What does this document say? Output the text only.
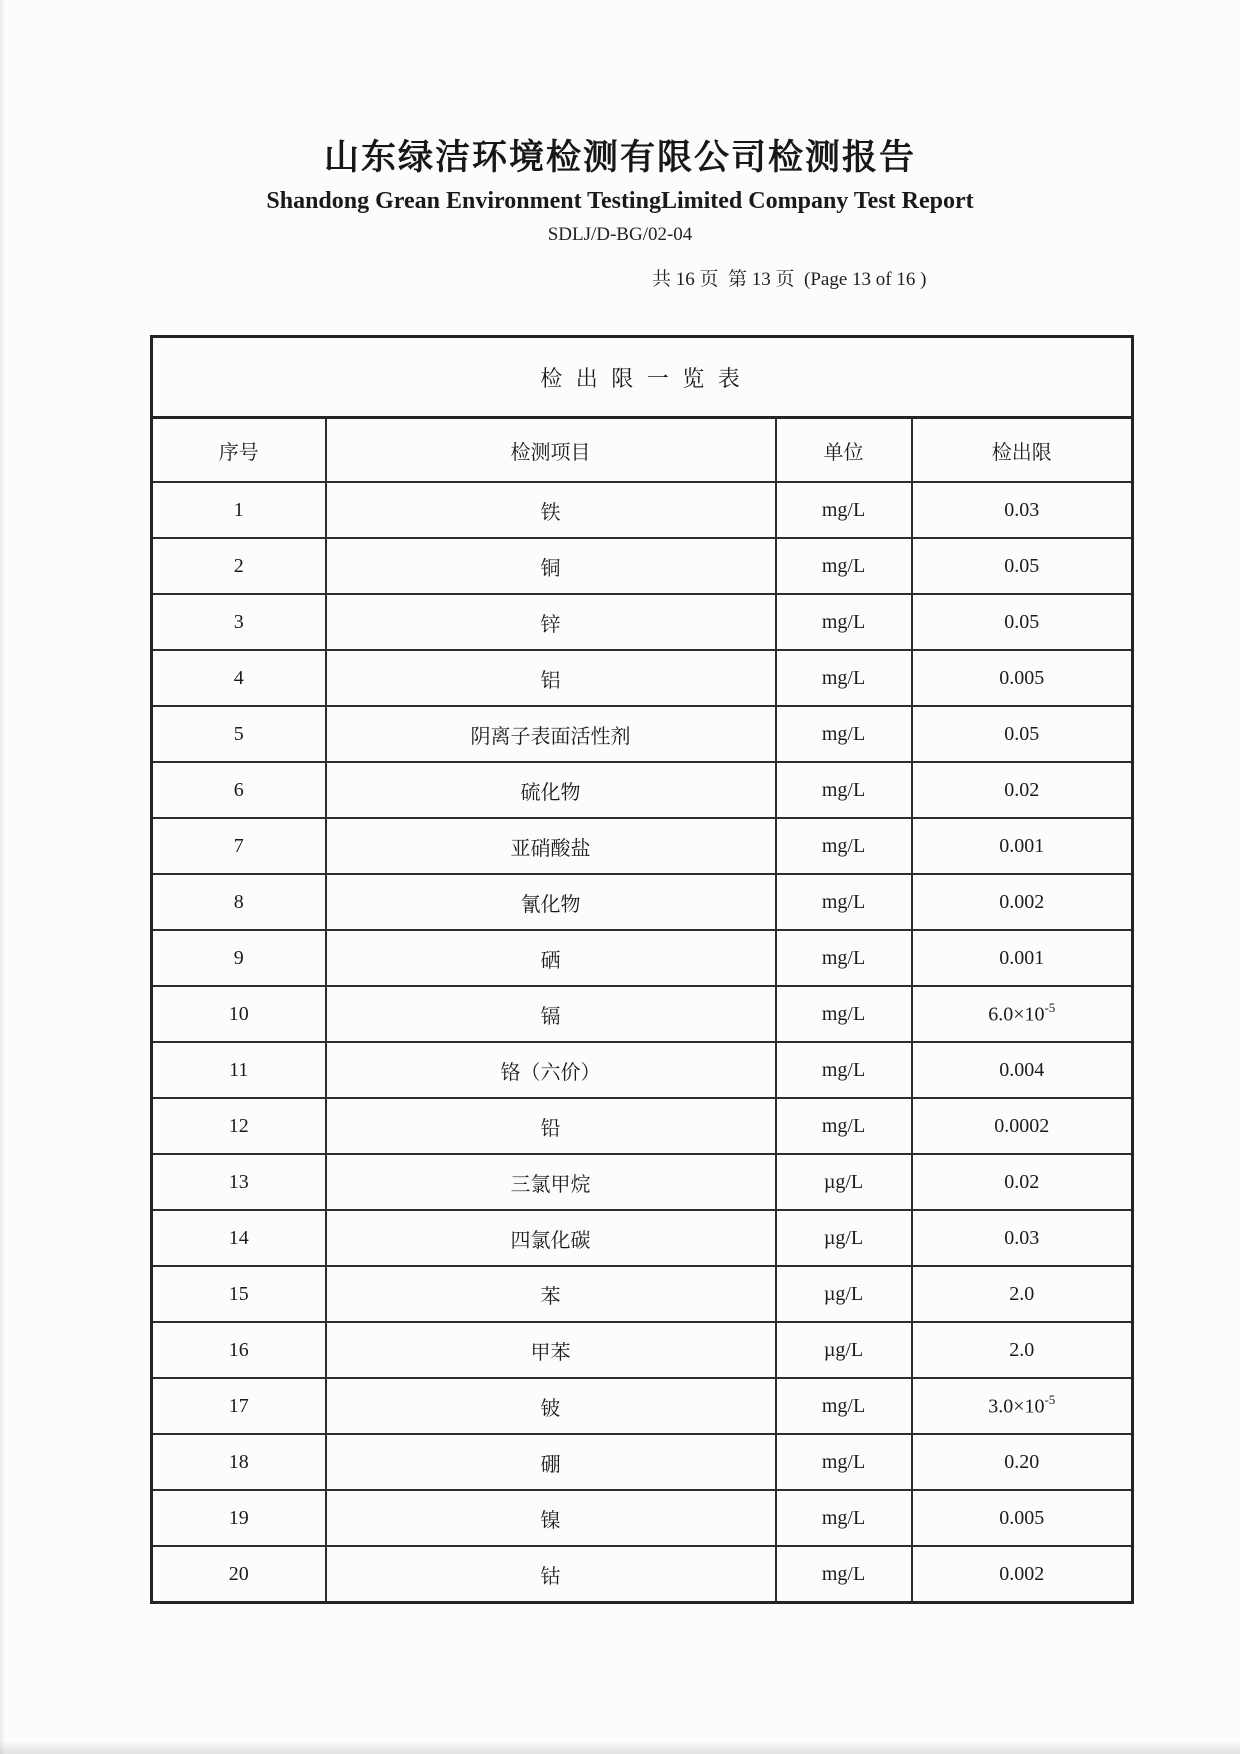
山东绿洁环境检测有限公司检测报告
Shandong Grean Environment TestingLimited Company Test Report
SDLJ/D-BG/02-04
共 16 页  第 13 页  (Page 13 of 16 )
检 出 限 一 览 表			
序号	检测项目	单位	检出限
1	铁	mg/L	0.03
2	铜	mg/L	0.05
3	锌	mg/L	0.05
4	铝	mg/L	0.005
5	阴离子表面活性剂	mg/L	0.05
6	硫化物	mg/L	0.02
7	亚硝酸盐	mg/L	0.001
8	氰化物	mg/L	0.002
9	硒	mg/L	0.001
10	镉	mg/L	$6.0\times 10^{-5}$
11	铬（六价）	mg/L	0.004
12	铅	mg/L	0.0002
13	三氯甲烷	µg/L	0.02
14	四氯化碳	µg/L	0.03
15	苯	µg/L	2.0
16	甲苯	µg/L	2.0
17	铍	mg/L	$3.0\times 10^{-5}$
18	硼	mg/L	0.20
19	镍	mg/L	0.005
20	钴	mg/L	0.002
